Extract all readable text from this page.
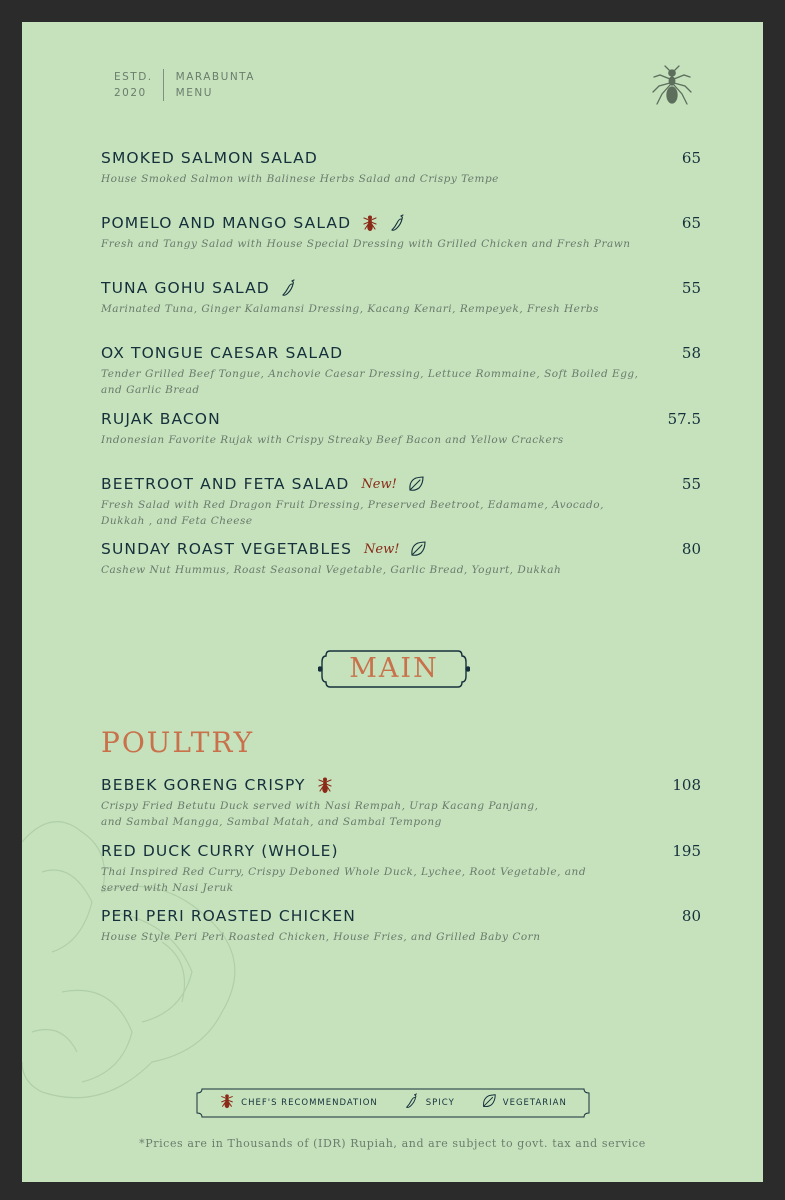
ESTD.
2020
MARABUNTA
MENU
SMOKED SALMON SALAD	65
House Smoked Salmon with Balinese Herbs Salad and Crispy Tempe
POMELO AND MANGO SALAD	65
Fresh and Tangy Salad with House Special Dressing with Grilled Chicken and Fresh Prawn
TUNA GOHU SALAD	55
Marinated Tuna, Ginger Kalamansi Dressing, Kacang Kenari, Rempeyek, Fresh Herbs
OX TONGUE CAESAR SALAD	58
Tender Grilled Beef Tongue, Anchovie Caesar Dressing, Lettuce Rommaine, Soft Boiled Egg, and Garlic Bread
RUJAK BACON	57.5
Indonesian Favorite Rujak with Crispy Streaky Beef Bacon and Yellow Crackers
BEETROOT AND FETA SALAD New!	55
Fresh Salad with Red Dragon Fruit Dressing, Preserved Beetroot, Edamame, Avocado, Dukkah , and Feta Cheese
SUNDAY ROAST VEGETABLES New!	80
Cashew Nut Hummus, Roast Seasonal Vegetable, Garlic Bread, Yogurt, Dukkah
MAIN
POULTRY
BEBEK GORENG CRISPY	108
Crispy Fried Betutu Duck served with Nasi Rempah, Urap Kacang Panjang, and Sambal Mangga, Sambal Matah, and Sambal Tempong
RED DUCK CURRY (WHOLE)	195
Thai Inspired Red Curry, Crispy Deboned Whole Duck, Lychee, Root Vegetable, and served with Nasi Jeruk
PERI PERI ROASTED CHICKEN	80
House Style Peri Peri Roasted Chicken, House Fries, and Grilled Baby Corn
CHEF'S RECOMMENDATION	SPICY	VEGETARIAN
*Prices are in Thousands of (IDR) Rupiah, and are subject to govt. tax and service
